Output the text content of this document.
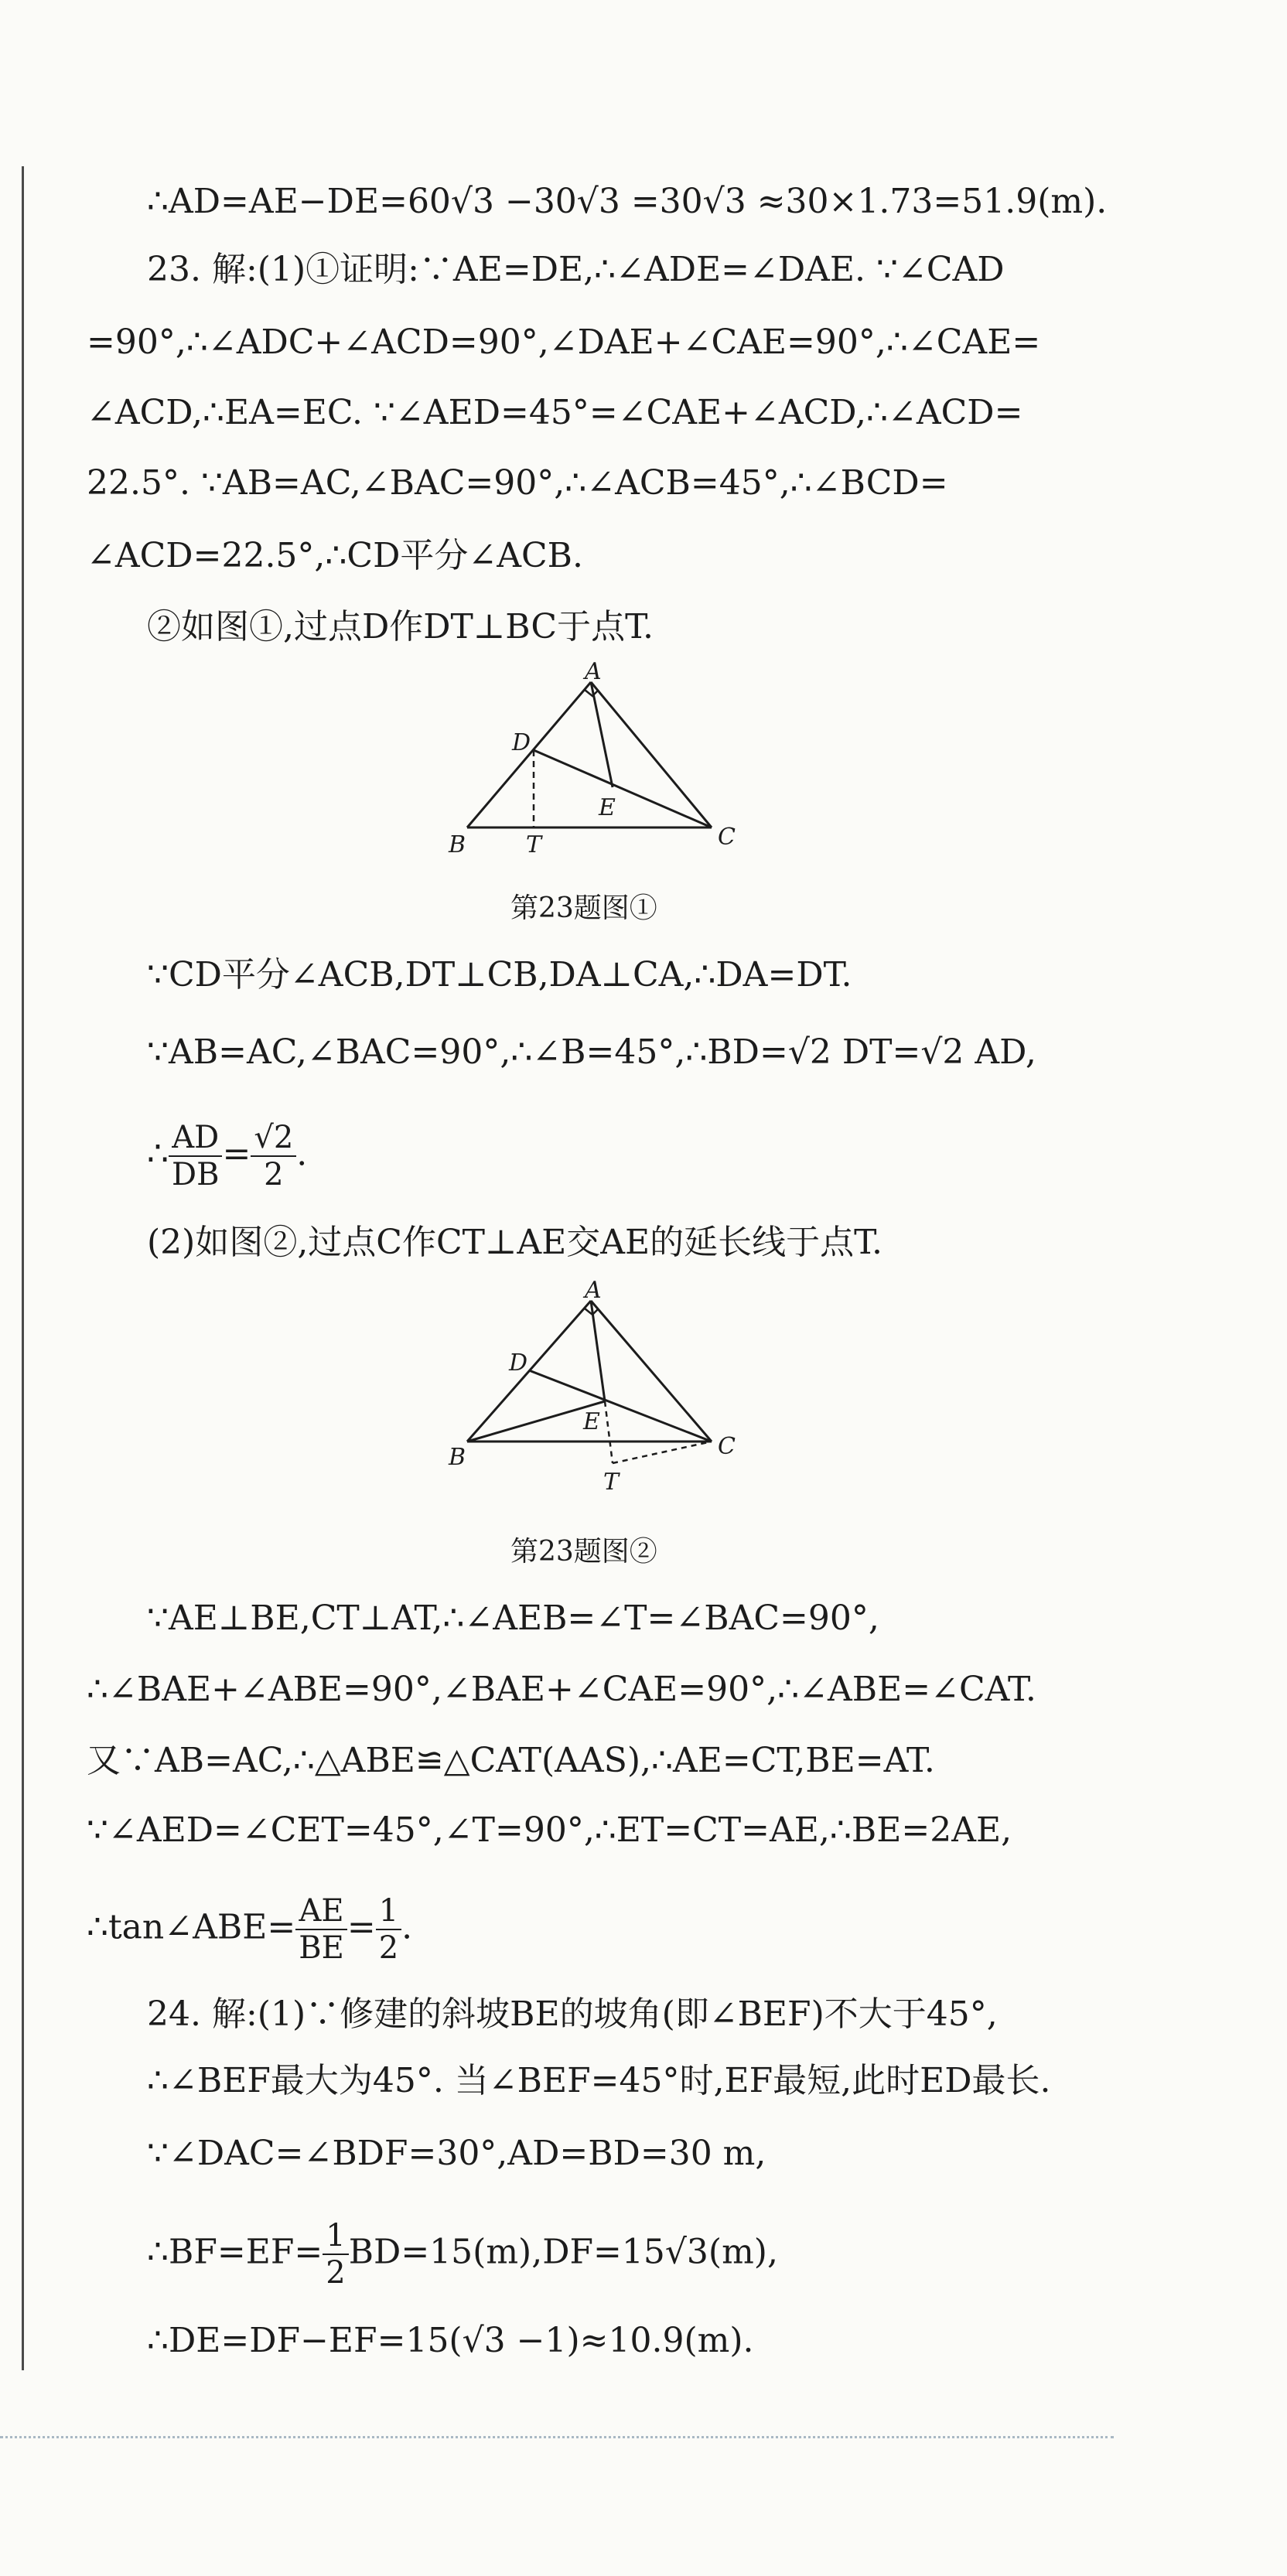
∴AD=AE−DE=60√3 −30√3 =30√3 ≈30×1.73=51.9(m).
23. 解:(1)①证明:∵AE=DE,∴∠ADE=∠DAE. ∵∠CAD
=90°,∴∠ADC+∠ACD=90°,∠DAE+∠CAE=90°,∴∠CAE=
∠ACD,∴EA=EC. ∵∠AED=45°=∠CAE+∠ACD,∴∠ACD=
22.5°. ∵AB=AC,∠BAC=90°,∴∠ACB=45°,∴∠BCD=
∠ACD=22.5°,∴CD平分∠ACB.
②如图①,过点D作DT⊥BC于点T.
A
D
E
B	T	C
第23题图①
∵CD平分∠ACB,DT⊥CB,DA⊥CA,∴DA=DT.
∵AB=AC,∠BAC=90°,∴∠B=45°,∴BD=√2 DT=√2 AD,
∴ $\frac{AD}{DB} = \frac{√2}{2}$ .
(2)如图②,过点C作CT⊥AE交AE的延长线于点T.
A
D
E
B
T
C
第23题图②
∵AE⊥BE,CT⊥AT,∴∠AEB=∠T=∠BAC=90°,
∴∠BAE+∠ABE=90°,∠BAE+∠CAE=90°,∴∠ABE=∠CAT.
又∵AB=AC,∴△ABE≌△CAT(AAS),∴AE=CT,BE=AT.
∵∠AED=∠CET=45°,∠T=90°,∴ET=CT=AE,∴BE=2AE,
∴tan∠ABE= $\frac{AE}{BE} = \frac{1}{2}$ .
24. 解:(1)∵修建的斜坡BE的坡角(即∠BEF)不大于45°,
∴∠BEF最大为45°. 当∠BEF=45°时,EF最短,此时ED最长.
∵∠DAC=∠BDF=30°,AD=BD=30 m,
∴BF=EF= $\frac{1}{2} BD=15(m),DF=15√3(m)$,
∴DE=DF−EF=15(√3 −1)≈10.9(m).
